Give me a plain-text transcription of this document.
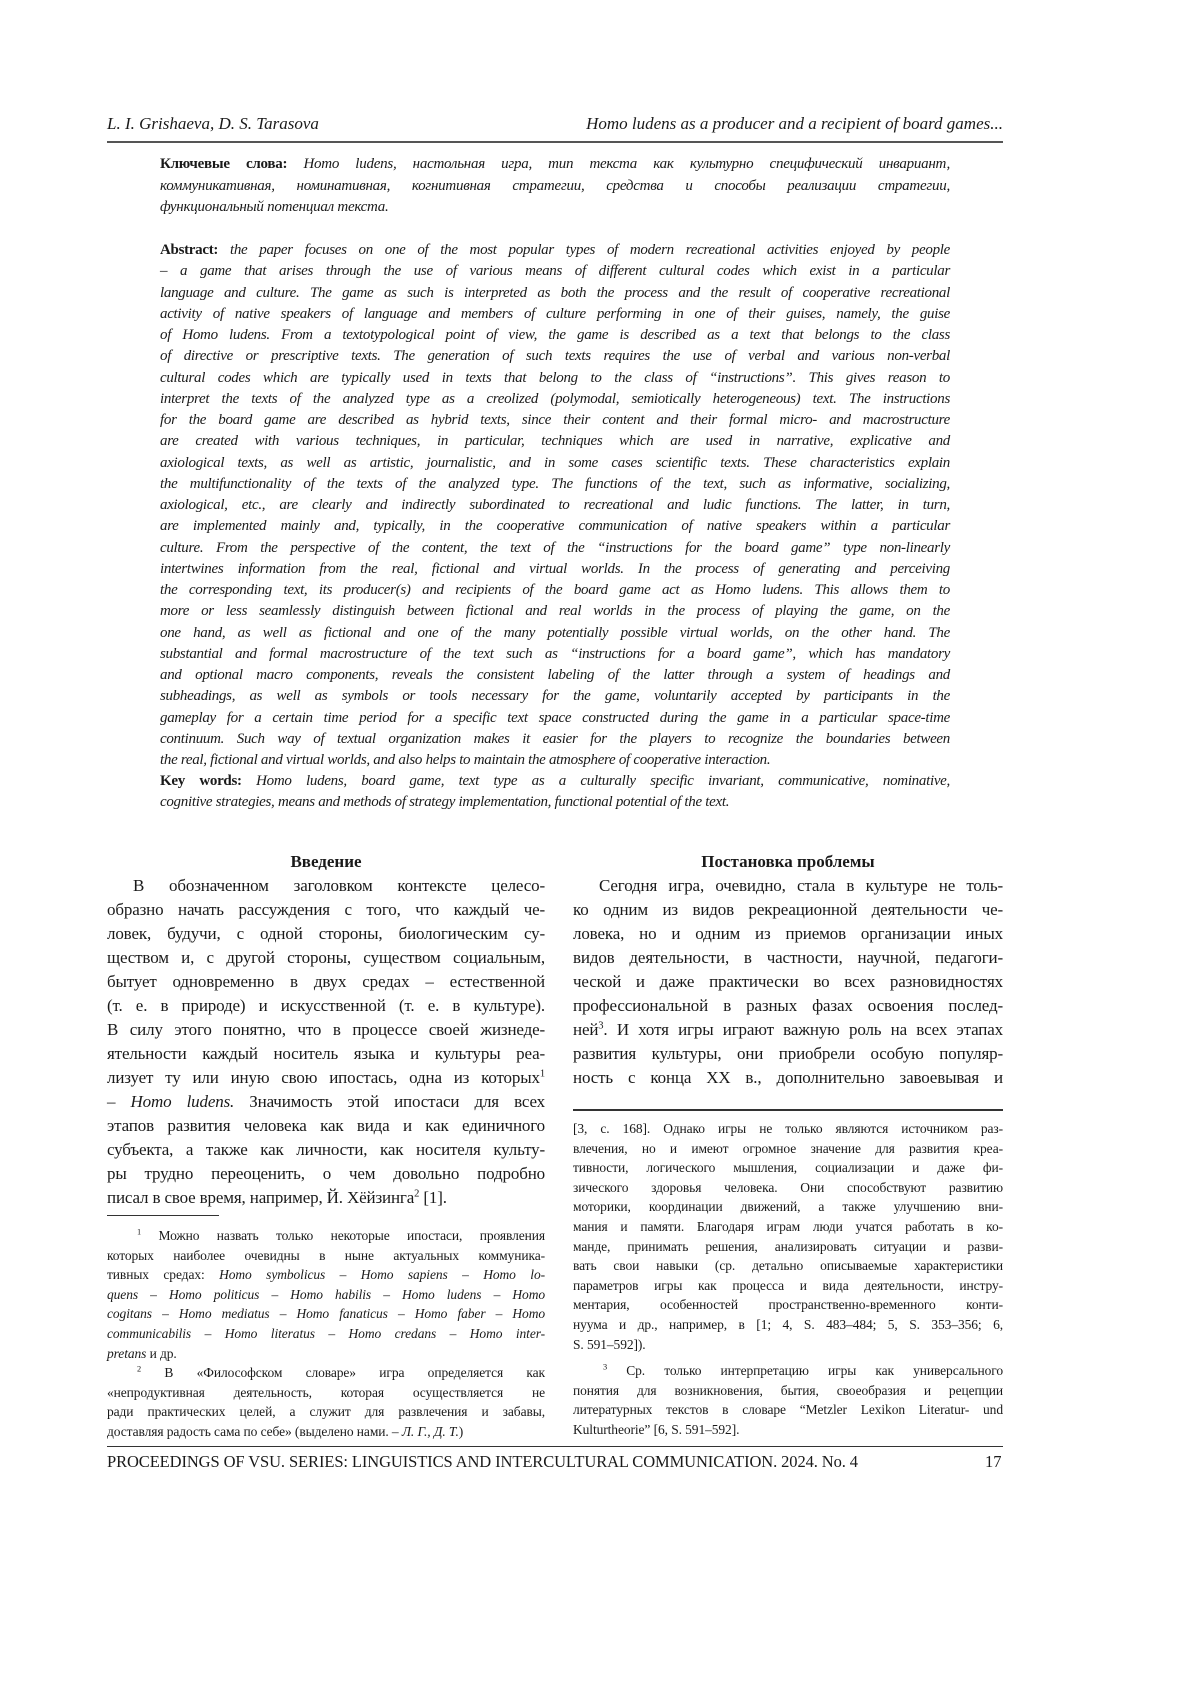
L. I. Grishaeva, D. S. Tarasova	Homo ludens as a producer and a recipient of board games...
Ключевые слова: Homo ludens, настольная игра, тип текста как культурно специфический инвариант,
коммуникативная, номинативная, когнитивная стратегии, средства и способы реализации стратегии,
функциональный потенциал текста.
Abstract: the paper focuses on one of the most popular types of modern recreational activities enjoyed by people
– a game that arises through the use of various means of different cultural codes which exist in a particular
language and culture. The game as such is interpreted as both the process and the result of cooperative recreational
activity of native speakers of language and members of culture performing in one of their guises, namely, the guise
of Homo ludens. From a textotypological point of view, the game is described as a text that belongs to the class
of directive or prescriptive texts. The generation of such texts requires the use of verbal and various non-verbal
cultural codes which are typically used in texts that belong to the class of “instructions”. This gives reason to
interpret the texts of the analyzed type as a creolized (polymodal, semiotically heterogeneous) text. The instructions
for the board game are described as hybrid texts, since their content and their formal micro- and macrostructure
are created with various techniques, in particular, techniques which are used in narrative, explicative and
axiological texts, as well as artistic, journalistic, and in some cases scientific texts. These characteristics explain
the multifunctionality of the texts of the analyzed type. The functions of the text, such as informative, socializing,
axiological, etc., are clearly and indirectly subordinated to recreational and ludic functions. The latter, in turn,
are implemented mainly and, typically, in the cooperative communication of native speakers within a particular
culture. From the perspective of the content, the text of the “instructions for the board game” type non-linearly
intertwines information from the real, fictional and virtual worlds. In the process of generating and perceiving
the corresponding text, its producer(s) and recipients of the board game act as Homo ludens. This allows them to
more or less seamlessly distinguish between fictional and real worlds in the process of playing the game, on the
one hand, as well as fictional and one of the many potentially possible virtual worlds, on the other hand. The
substantial and formal macrostructure of the text such as “instructions for a board game”, which has mandatory
and optional macro components, reveals the consistent labeling of the latter through a system of headings and
subheadings, as well as symbols or tools necessary for the game, voluntarily accepted by participants in the
gameplay for a certain time period for a specific text space constructed during the game in a particular space-time
continuum. Such way of textual organization makes it easier for the players to recognize the boundaries between
the real, fictional and virtual worlds, and also helps to maintain the atmosphere of cooperative interaction.
Key words: Homo ludens, board game, text type as a culturally specific invariant, communicative, nominative,
cognitive strategies, means and methods of strategy implementation, functional potential of the text.
Введение	Постановка проблемы
В обозначенном заголовком контексте целесо-
образно начать рассуждения с того, что каждый че-
ловек, будучи, с одной стороны, биологическим су-
ществом и, с другой стороны, существом социальным,
бытует одновременно в двух средах – естественной
(т. е. в природе) и искусственной (т. е. в культуре).
В силу этого понятно, что в процессе своей жизнеде-
ятельности каждый носитель языка и культуры реа-
лизует ту или иную свою ипостась, одна из которых1
– Homo ludens. Значимость этой ипостаси для всех
этапов развития человека как вида и как единичного
субъекта, а также как личности, как носителя культу-
ры трудно переоценить, о чем довольно подробно
писал в свое время, например, Й. Хёйзинга2 [1].
1 Можно назвать только некоторые ипостаси, проявления
которых наиболее очевидны в ныне актуальных коммуника-
тивных средах: Homo symbolicus – Homo sapiens – Homo lo-
quens – Homo politicus – Homo habilis – Homo ludens – Homo
cogitans – Homo mediatus – Homo fanaticus – Homo faber – Homo
communicabilis – Homo literatus – Homo credans – Homo inter-
pretans и др.
2 В «Философском словаре» игра определяется как
«непродуктивная деятельность, которая осуществляется не
ради практических целей, а служит для развлечения и забавы,
доставляя радость сама по себе» (выделено нами. – Л. Г., Д. Т.)
Сегодня игра, очевидно, стала в культуре не толь-
ко одним из видов рекреационной деятельности че-
ловека, но и одним из приемов организации иных
видов деятельности, в частности, научной, педагоги-
ческой и даже практически во всех разновидностях
профессиональной в разных фазах освоения послед-
ней3. И хотя игры играют важную роль на всех этапах
развития культуры, они приобрели особую популяр-
ность с конца XX в., дополнительно завоевывая и
[3, с. 168]. Однако игры не только являются источником раз-
влечения, но и имеют огромное значение для развития креа-
тивности, логического мышления, социализации и даже фи-
зического здоровья человека. Они способствуют развитию
моторики, координации движений, а также улучшению вни-
мания и памяти. Благодаря играм люди учатся работать в ко-
манде, принимать решения, анализировать ситуации и разви-
вать свои навыки (ср. детально описываемые характеристики
параметров игры как процесса и вида деятельности, инстру-
ментария, особенностей пространственно-временного конти-
нуума и др., например, в [1; 4, S. 483–484; 5, S. 353–356; 6,
S. 591–592]).
3 Ср. только интерпретацию игры как универсального
понятия для возникновения, бытия, своеобразия и рецепции
литературных текстов в словаре “Metzler Lexikon Literatur- und
Kulturtheorie” [6, S. 591–592].
PROCEEDINGS OF VSU. SERIES: LINGUISTICS AND INTERCULTURAL COMMUNICATION. 2024. No. 4	17
